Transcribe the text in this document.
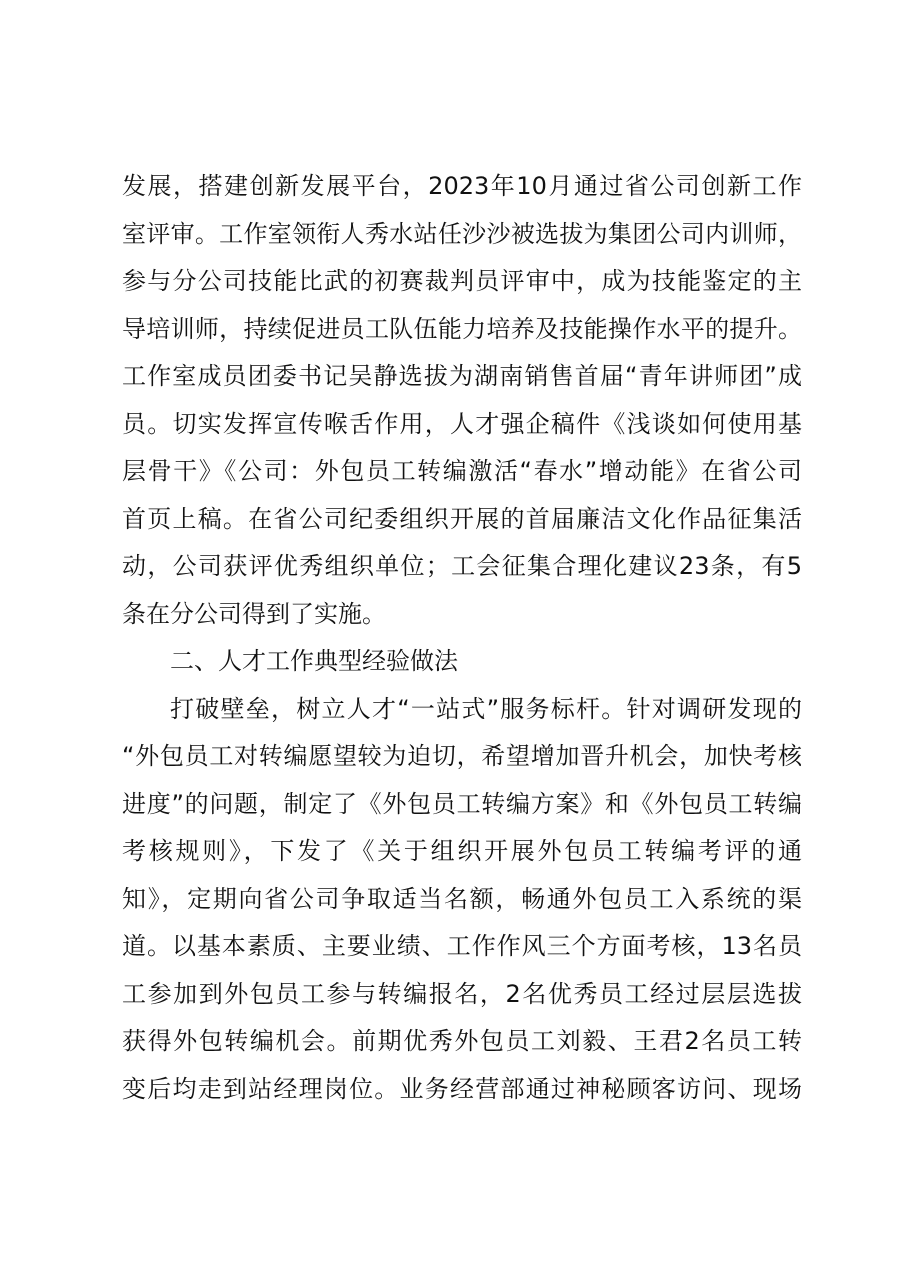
发展，搭建创新发展平台，2023年10月通过省公司创新工作
室评审。工作室领衔人秀水站任沙沙被选拔为集团公司内训师，
参与分公司技能比武的初赛裁判员评审中，成为技能鉴定的主
导培训师，持续促进员工队伍能力培养及技能操作水平的提升。
工作室成员团委书记吴静选拔为湖南销售首届“青年讲师团”成
员。切实发挥宣传喉舌作用，人才强企稿件《浅谈如何使用基
层骨干》《公司：外包员工转编激活“春水”增动能》在省公司
首页上稿。在省公司纪委组织开展的首届廉洁文化作品征集活
动，公司获评优秀组织单位；工会征集合理化建议23条，有5
条在分公司得到了实施。
二、人才工作典型经验做法
打破壁垒，树立人才“一站式”服务标杆。针对调研发现的
“外包员工对转编愿望较为迫切，希望增加晋升机会，加快考核
进度”的问题，制定了《外包员工转编方案》和《外包员工转编
考核规则》，下发了《关于组织开展外包员工转编考评的通
知》，定期向省公司争取适当名额，畅通外包员工入系统的渠
道。以基本素质、主要业绩、工作作风三个方面考核，13名员
工参加到外包员工参与转编报名，2名优秀员工经过层层选拔
获得外包转编机会。前期优秀外包员工刘毅、王君2名员工转
变后均走到站经理岗位。业务经营部通过神秘顾客访问、现场
